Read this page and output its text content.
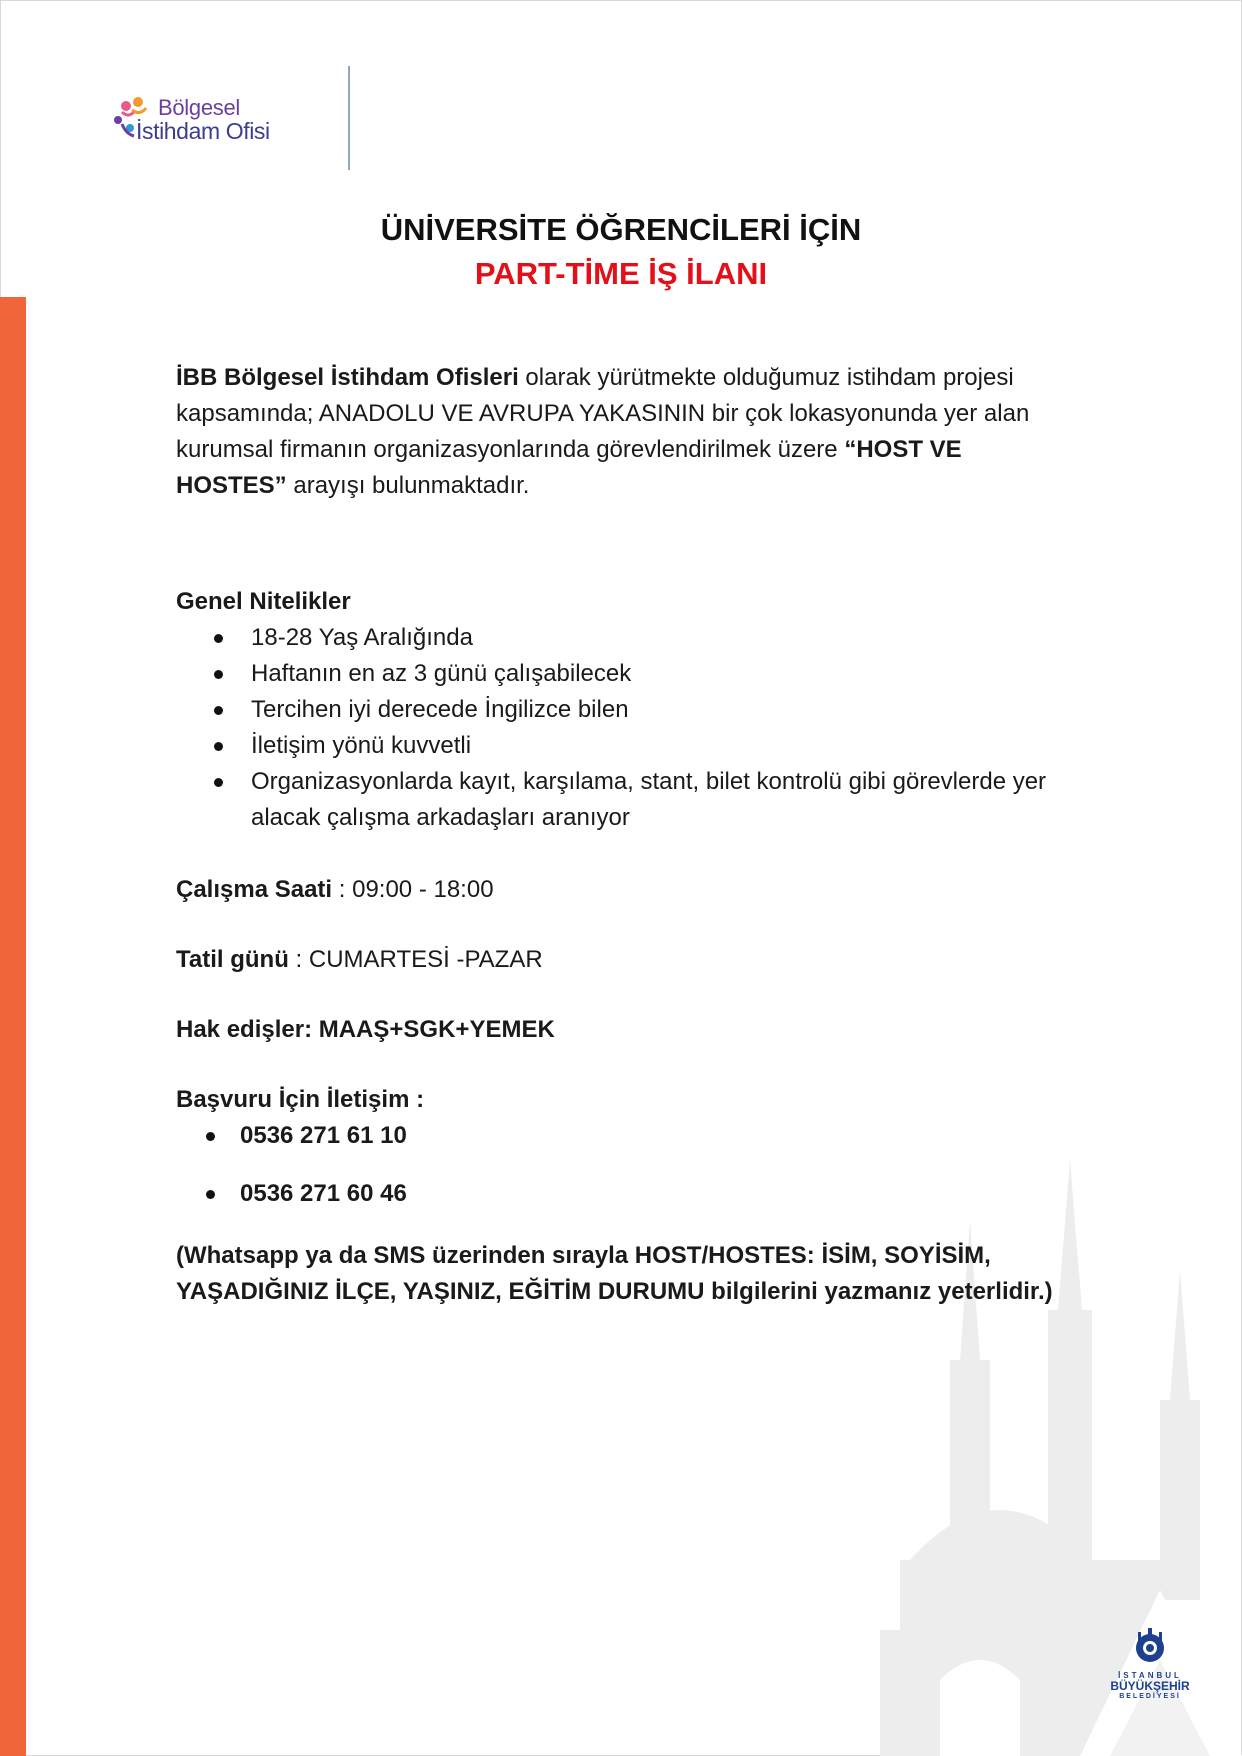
Bölgesel
İstihdam Ofisi
ÜNİVERSİTE ÖĞRENCİLERİ İÇİN
PART-TİME İŞ İLANI

İBB Bölgesel İstihdam Ofisleri olarak yürütmekte olduğumuz istihdam projesi kapsamında; ANADOLU VE AVRUPA YAKASININ bir çok lokasyonunda yer alan kurumsal firmanın organizasyonlarında görevlendirilmek üzere “HOST VE HOSTES” arayışı bulunmaktadır.

Genel Nitelikler
18-28 Yaş Aralığında
Haftanın en az 3 günü çalışabilecek
Tercihen iyi derecede İngilizce bilen
İletişim yönü kuvvetli
Organizasyonlarda kayıt, karşılama, stant, bilet kontrolü gibi görevlerde yer alacak çalışma arkadaşları aranıyor
Çalışma Saati : 09:00 - 18:00
Tatil günü : CUMARTESİ -PAZAR
Hak edişler: MAAŞ+SGK+YEMEK
Başvuru İçin İletişim :
0536 271 61 10
0536 271 60 46
(Whatsapp ya da SMS üzerinden sırayla HOST/HOSTES: İSİM, SOYİSİM, YAŞADIĞINIZ İLÇE, YAŞINIZ, EĞİTİM DURUMU bilgilerini yazmanız yeterlidir.)
İSTANBUL
BÜYÜKŞEHİR
BELEDİYESİ
